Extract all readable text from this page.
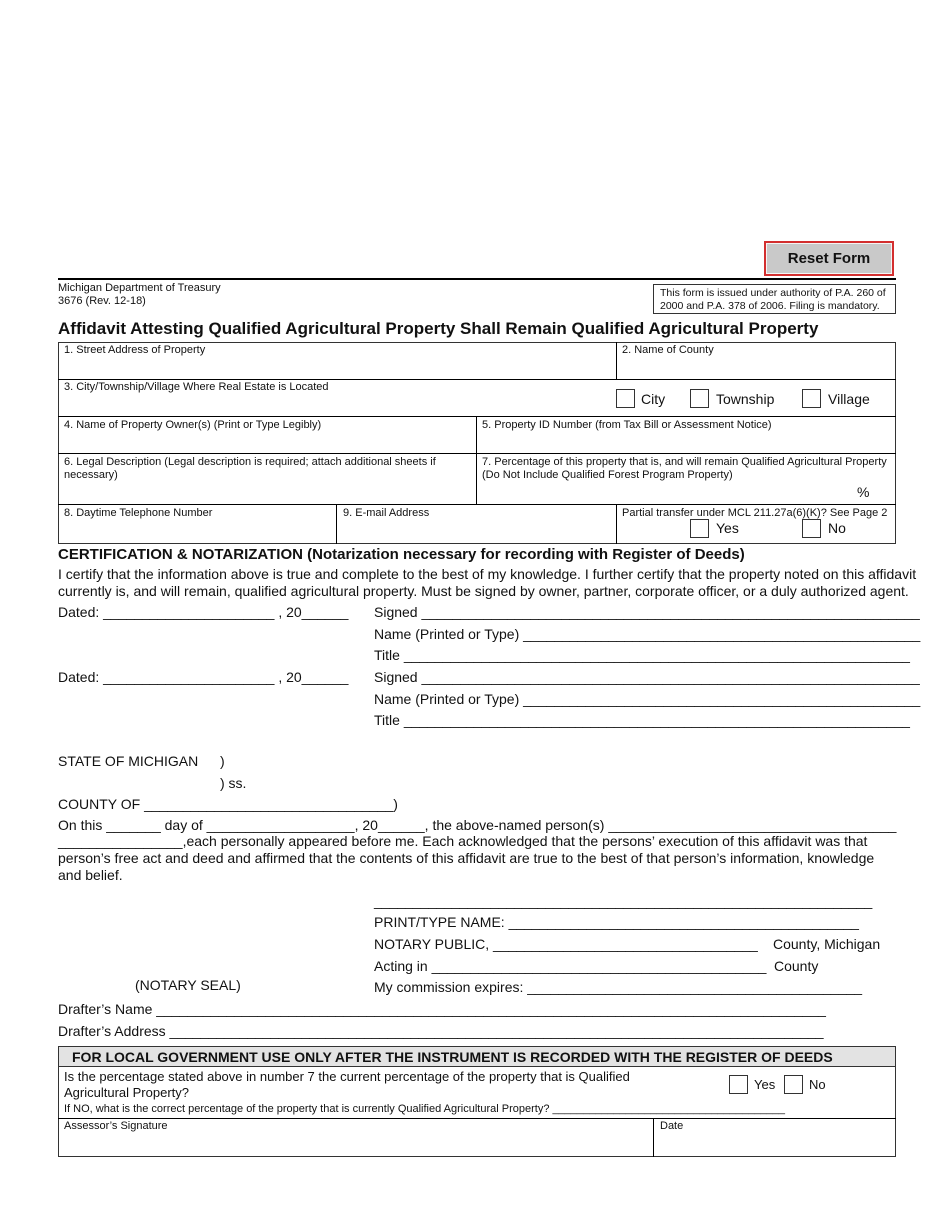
Reset Form
Michigan Department of Treasury
3676 (Rev. 12-18)
This form is issued under authority of P.A. 260 of
2000 and P.A. 378 of 2006. Filing is mandatory.
Affidavit Attesting Qualified Agricultural Property Shall Remain Qualified Agricultural Property
1. Street Address of Property	2. Name of County
3. City/Township/Village Where Real Estate is Located
City	Township	Village
4. Name of Property Owner(s) (Print or Type Legibly)	5. Property ID Number (from Tax Bill or Assessment Notice)
6. Legal Description (Legal description is required; attach additional sheets if
necessary)
7. Percentage of this property that is, and will remain Qualified Agricultural Property
(Do Not Include Qualified Forest Program Property)
%
8. Daytime Telephone Number	9. E-mail Address	Partial transfer under MCL 211.27a(6)(K)? See Page 2
Yes	No
CERTIFICATION & NOTARIZATION (Notarization necessary for recording with Register of Deeds)
I certify that the information above is true and complete to the best of my knowledge. I further certify that the property noted on this affidavit
currently is, and will remain, qualified agricultural property. Must be signed by owner, partner, corporate officer, or a duly authorized agent.
Dated: ______________________ , 20______ Signed ________________________________________________________________
Name (Printed or Type) ___________________________________________________
Title _________________________________________________________________
Dated: ______________________ , 20______ Signed ________________________________________________________________
Name (Printed or Type) ___________________________________________________
Title _________________________________________________________________
STATE OF MICHIGAN )
) ss.
COUNTY OF ________________________________)
On this _______ day of ___________________, 20______, the above-named person(s) _____________________________________
________________,each personally appeared before me. Each acknowledged that the persons’ execution of this affidavit was that
person’s free act and deed and affirmed that the contents of this affidavit are true to the best of that person’s information, knowledge
and belief.
________________________________________________________________
PRINT/TYPE NAME: _____________________________________________
NOTARY PUBLIC, __________________________________ County, Michigan
Acting in ___________________________________________ County
(NOTARY SEAL)	My commission expires: ___________________________________________
Drafter’s Name ______________________________________________________________________________________
Drafter’s Address ____________________________________________________________________________________
FOR LOCAL GOVERNMENT USE ONLY AFTER THE INSTRUMENT IS RECORDED WITH THE REGISTER OF DEEDS
Is the percentage stated above in number 7 the current percentage of the property that is Qualified
Agricultural Property?
Yes	No
If NO, what is the correct percentage of the property that is currently Qualified Agricultural Property? ______________________________________
Assessor’s Signature	Date
